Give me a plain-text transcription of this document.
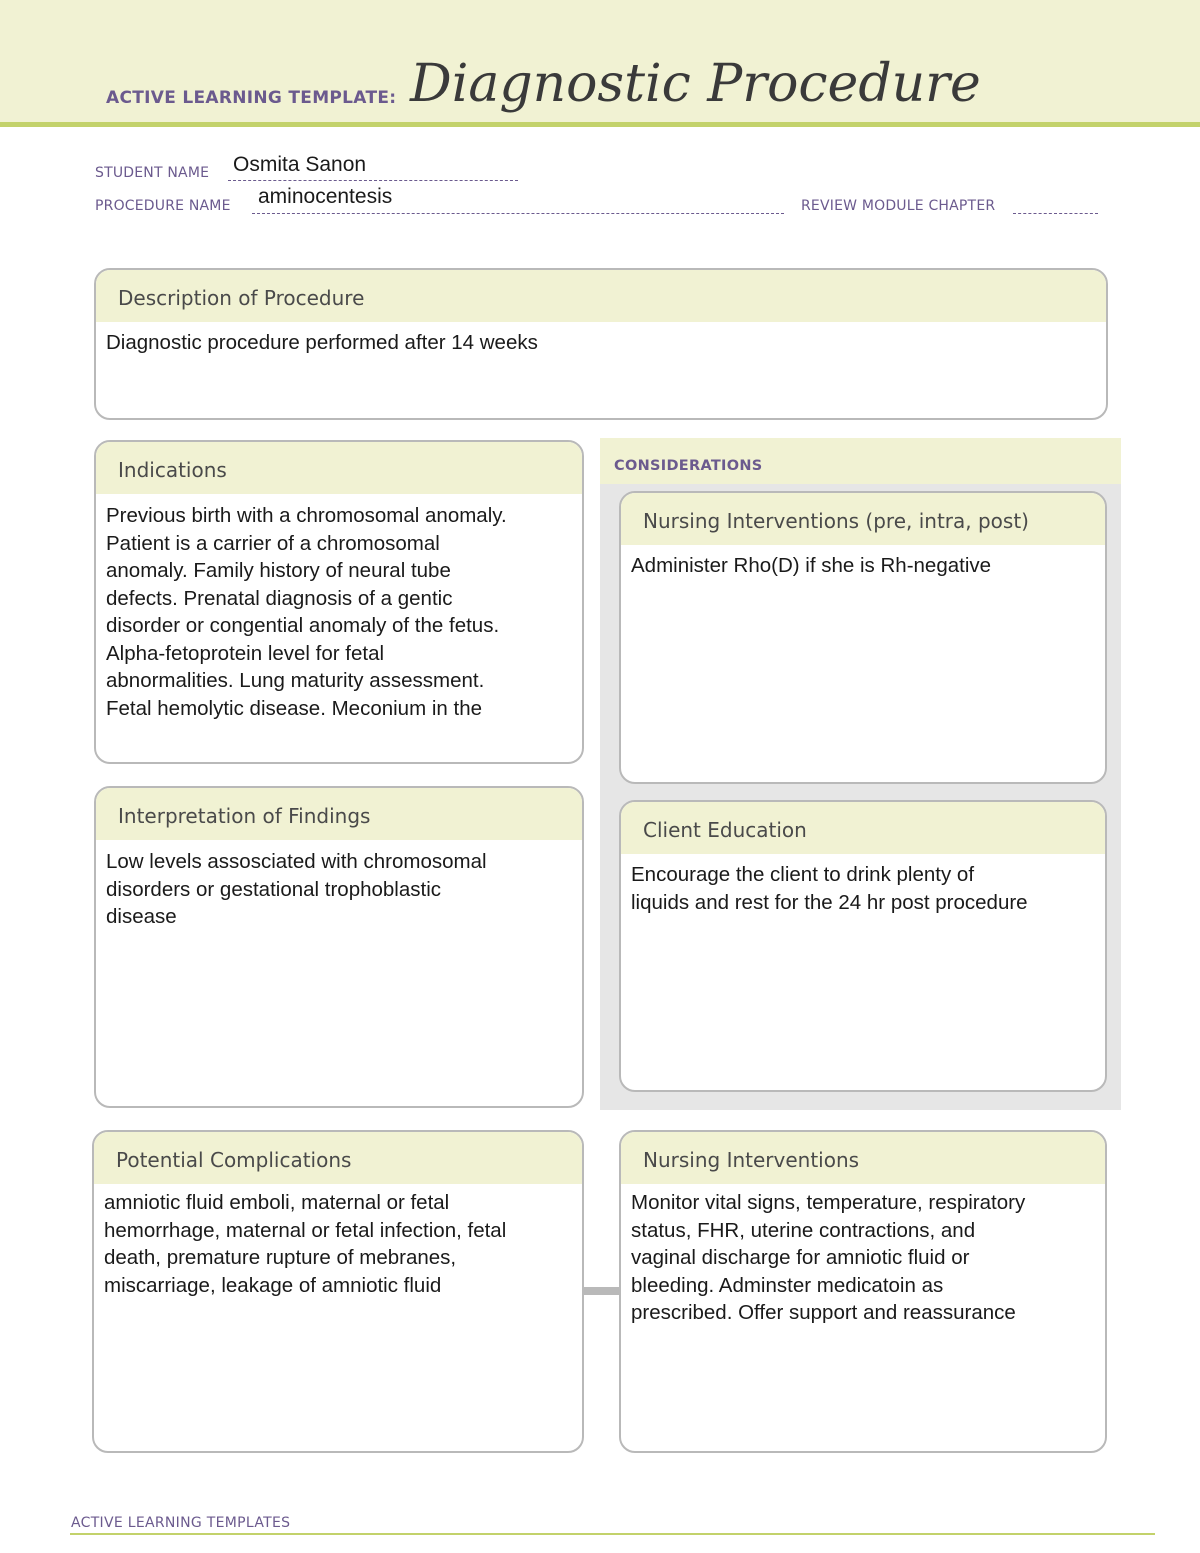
ACTIVE LEARNING TEMPLATE: Diagnostic Procedure
STUDENT NAME Osmita Sanon
PROCEDURE NAME aminocentesis	REVIEW MODULE CHAPTER
Description of Procedure
Diagnostic procedure performed after 14 weeks
CONSIDERATIONS
Indications
Previous birth with a chromosomal anomaly.
Patient is a carrier of a chromosomal
anomaly. Family history of neural tube
defects. Prenatal diagnosis of a gentic
disorder or congential anomaly of the fetus.
Alpha-fetoprotein level for fetal
abnormalities. Lung maturity assessment.
Fetal hemolytic disease. Meconium in the
Nursing Interventions (pre, intra, post)
Administer Rho(D) if she is Rh-negative
Interpretation of Findings
Low levels assosciated with chromosomal
disorders or gestational trophoblastic
disease
Client Education
Encourage the client to drink plenty of
liquids and rest for the 24 hr post procedure
Potential Complications
amniotic fluid emboli, maternal or fetal
hemorrhage, maternal or fetal infection, fetal
death, premature rupture of mebranes,
miscarriage, leakage of amniotic fluid
Nursing Interventions
Monitor vital signs, temperature, respiratory
status, FHR, uterine contractions, and
vaginal discharge for amniotic fluid or
bleeding. Adminster medicatoin as
prescribed. Offer support and reassurance
ACTIVE LEARNING TEMPLATES
